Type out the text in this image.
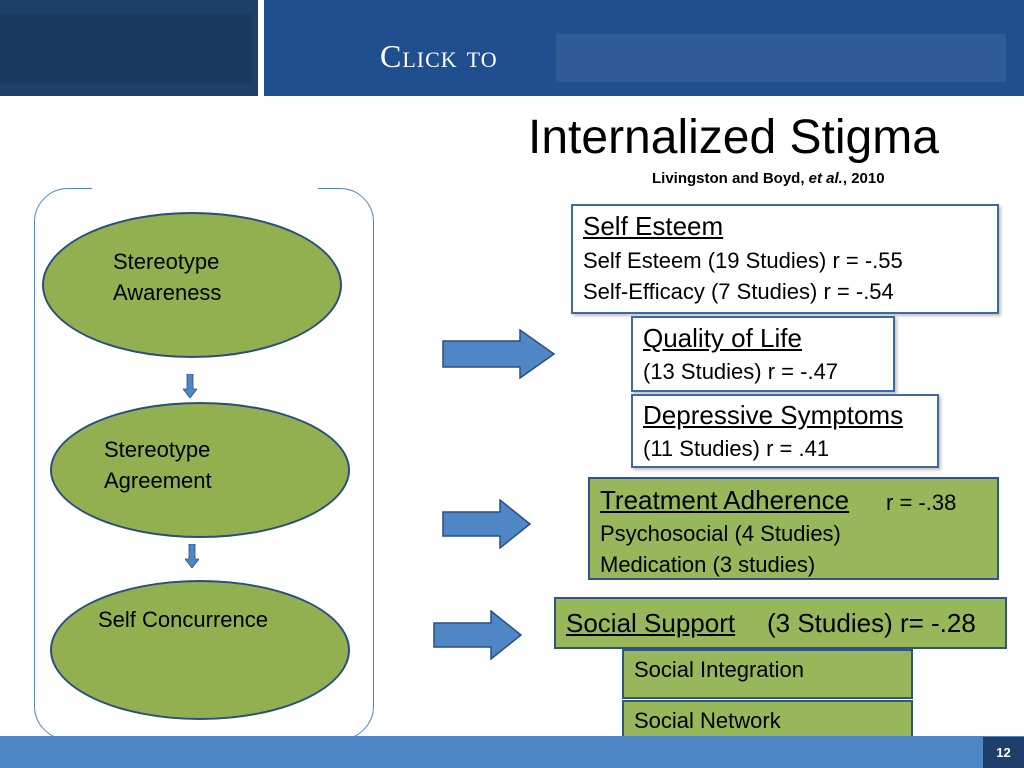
Click to
Internalized Stigma
Livingston and Boyd, et al., 2010
Stereotype
Awareness
Stereotype
Agreement
Self Concurrence
Self Esteem
Self Esteem (19 Studies) r = -.55
Self-Efficacy (7 Studies) r = -.54
Quality of Life
(13 Studies) r = -.47
Depressive Symptoms
(11 Studies) r = .41
Treatment Adherence r = -.38
Psychosocial (4 Studies)
Medication (3 studies)
Social Support (3 Studies) r= -.28
Social Integration
Social Network
12
